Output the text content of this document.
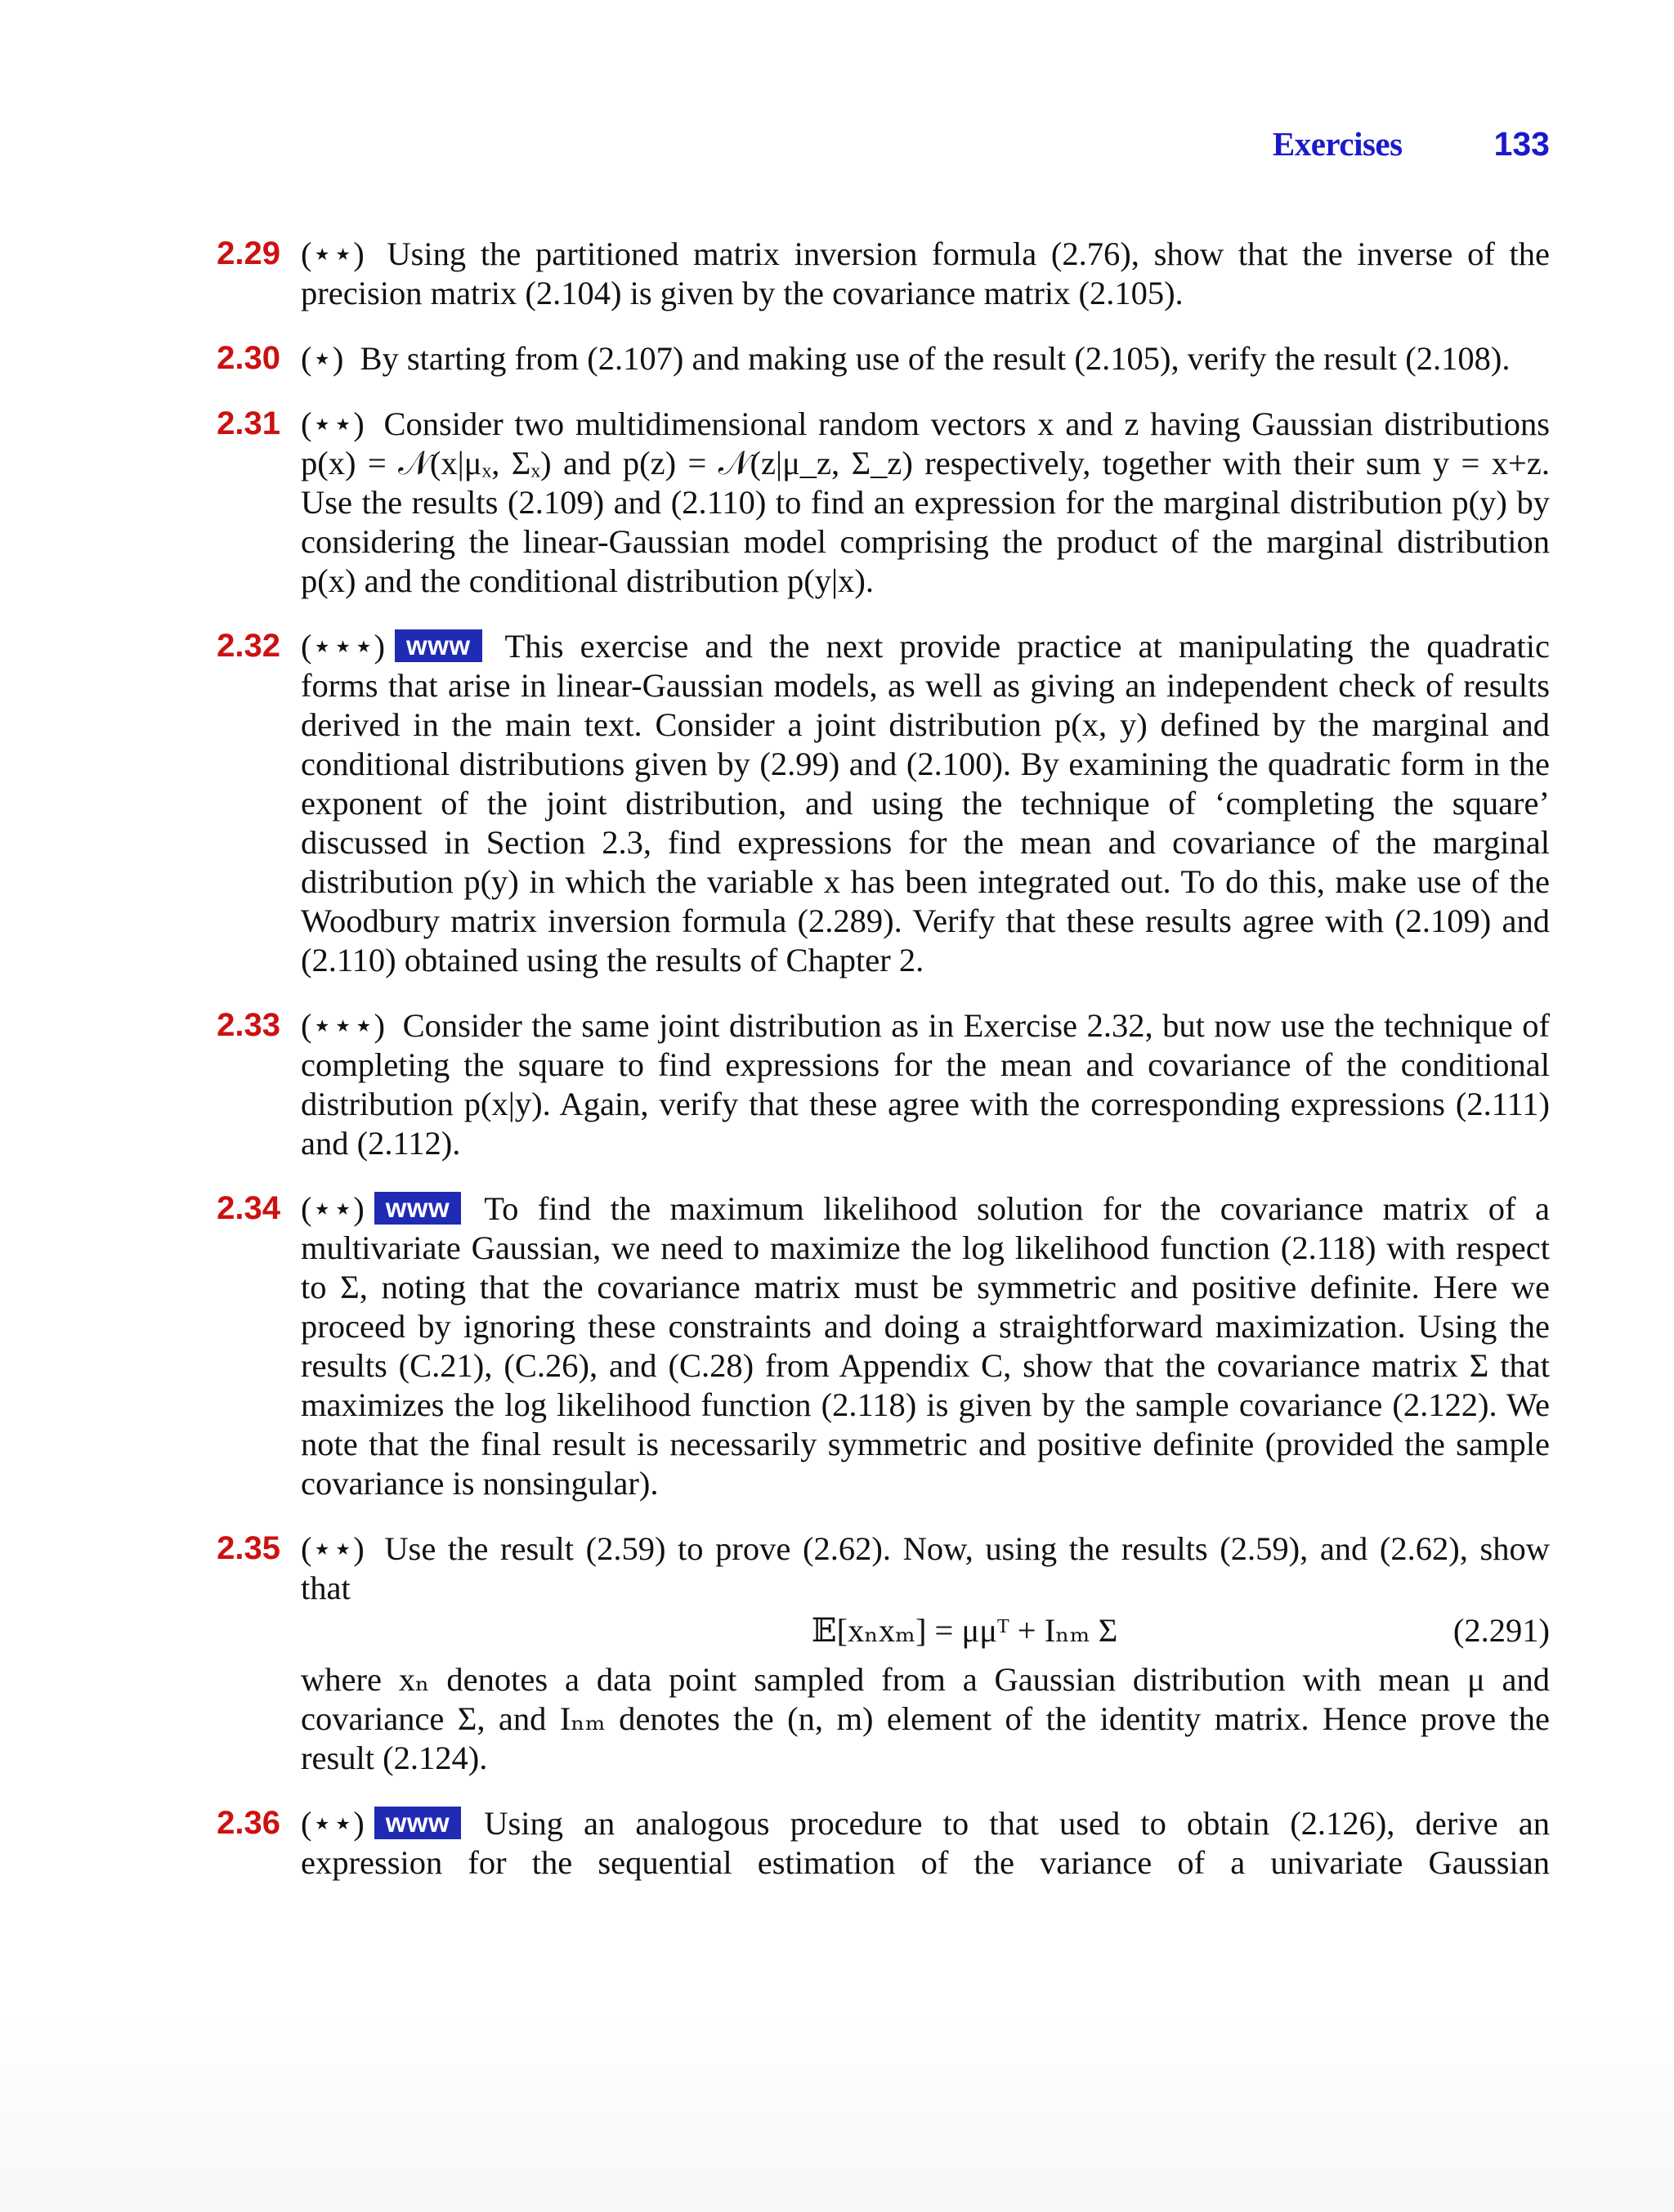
Exercises	133
2.29 (⋆⋆) Using the partitioned matrix inversion formula (2.76), show that the inverse of the precision matrix (2.104) is given by the covariance matrix (2.105).

2.30 (⋆) By starting from (2.107) and making use of the result (2.105), verify the result (2.108).

2.31 (⋆⋆) Consider two multidimensional random vectors x and z having Gaussian distributions p(x) = 𝒩(x|μₓ, Σₓ) and p(z) = 𝒩(z|μ_z, Σ_z) respectively, together with their sum y = x+z. Use the results (2.109) and (2.110) to find an expression for the marginal distribution p(y) by considering the linear-Gaussian model comprising the product of the marginal distribution p(x) and the conditional distribution p(y|x).

2.32 (⋆⋆⋆) www This exercise and the next provide practice at manipulating the quadratic forms that arise in linear-Gaussian models, as well as giving an independent check of results derived in the main text. Consider a joint distribution p(x, y) defined by the marginal and conditional distributions given by (2.99) and (2.100). By examining the quadratic form in the exponent of the joint distribution, and using the technique of ‘completing the square’ discussed in Section 2.3, find expressions for the mean and covariance of the marginal distribution p(y) in which the variable x has been integrated out. To do this, make use of the Woodbury matrix inversion formula (2.289). Verify that these results agree with (2.109) and (2.110) obtained using the results of Chapter 2.

2.33 (⋆⋆⋆) Consider the same joint distribution as in Exercise 2.32, but now use the technique of completing the square to find expressions for the mean and covariance of the conditional distribution p(x|y). Again, verify that these agree with the corresponding expressions (2.111) and (2.112).

2.34 (⋆⋆) www To find the maximum likelihood solution for the covariance matrix of a multivariate Gaussian, we need to maximize the log likelihood function (2.118) with respect to Σ, noting that the covariance matrix must be symmetric and positive definite. Here we proceed by ignoring these constraints and doing a straightforward maximization. Using the results (C.21), (C.26), and (C.28) from Appendix C, show that the covariance matrix Σ that maximizes the log likelihood function (2.118) is given by the sample covariance (2.122). We note that the final result is necessarily symmetric and positive definite (provided the sample covariance is nonsingular).

2.35 (⋆⋆) Use the result (2.59) to prove (2.62). Now, using the results (2.59), and (2.62), show that

𝔼[xₙxₘ] = μμᵀ + Iₙₘ Σ	(2.291)

where xₙ denotes a data point sampled from a Gaussian distribution with mean μ and covariance Σ, and Iₙₘ denotes the (n, m) element of the identity matrix. Hence prove the result (2.124).

2.36 (⋆⋆) www Using an analogous procedure to that used to obtain (2.126), derive an expression for the sequential estimation of the variance of a univariate Gaussian
